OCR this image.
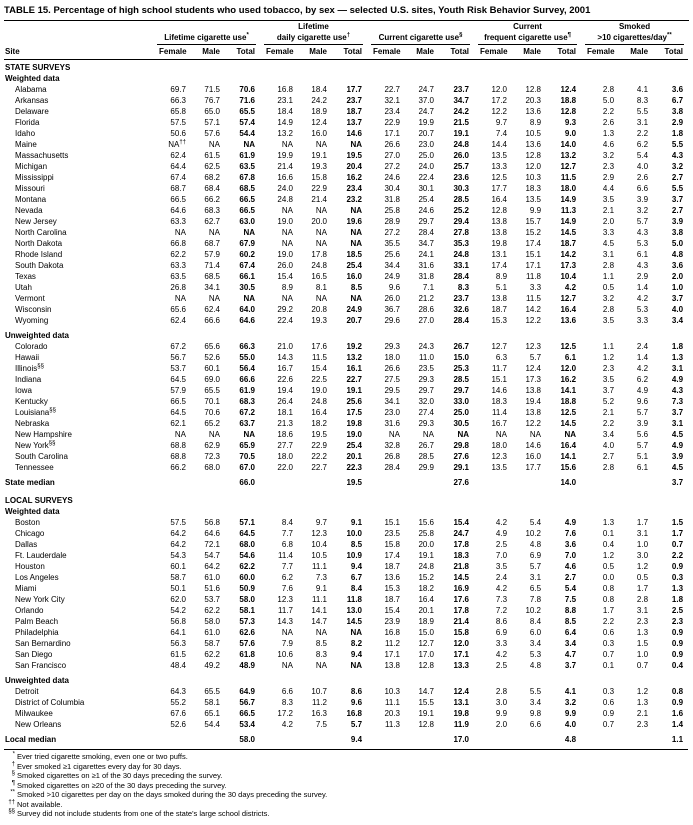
TABLE 15. Percentage of high school students who used tobacco, by sex — selected U.S. sites, Youth Risk Behavior Survey, 2001
				Lifetime						Current			Smoked		

	Lifetime cigarette use*			daily cigarette use†			Current cigarette use§			frequent cigarette use¶			>10 cigarettes/day**

Site	Female	Male	Total	Female	Male	Total	Female	Male	Total	Female	Male	Total	Female	Male	Total
STATE SURVEYS															
Weighted data															
Alabama	69.7	71.5	70.6	16.8	18.4	17.7	22.7	24.7	23.7	12.0	12.8	12.4	2.8	4.1	3.6
Arkansas	66.3	76.7	71.6	23.1	24.2	23.7	32.1	37.0	34.7	17.2	20.3	18.8	5.0	8.3	6.7
Delaware	65.8	65.0	65.5	18.4	18.9	18.7	23.4	24.7	24.2	12.2	13.6	12.8	2.2	5.5	3.8
Florida	57.5	57.1	57.4	14.9	12.4	13.7	22.9	19.9	21.5	9.7	8.9	9.3	2.6	3.1	2.9
Idaho	50.6	57.6	54.4	13.2	16.0	14.6	17.1	20.7	19.1	7.4	10.5	9.0	1.3	2.2	1.8
Maine	NA††	NA	NA	NA	NA	NA	26.6	23.0	24.8	14.4	13.6	14.0	4.6	6.2	5.5
Massachusetts	62.4	61.5	61.9	19.9	19.1	19.5	27.0	25.0	26.0	13.5	12.8	13.2	3.2	5.4	4.3
Michigan	64.4	62.5	63.5	21.4	19.3	20.4	27.2	24.0	25.7	13.3	12.0	12.7	2.3	4.0	3.2
Mississippi	67.4	68.2	67.8	16.6	15.8	16.2	24.6	22.4	23.6	12.5	10.3	11.5	2.9	2.6	2.7
Missouri	68.7	68.4	68.5	24.0	22.9	23.4	30.4	30.1	30.3	17.7	18.3	18.0	4.4	6.6	5.5
Montana	66.5	66.2	66.5	24.8	21.4	23.2	31.8	25.4	28.5	16.4	13.5	14.9	3.5	3.9	3.7
Nevada	64.6	68.3	66.5	NA	NA	NA	25.8	24.6	25.2	12.8	9.9	11.3	2.1	3.2	2.7
New Jersey	63.3	62.7	63.0	19.0	20.0	19.6	28.9	29.7	29.4	13.8	15.7	14.9	2.0	5.7	3.9
North Carolina	NA	NA	NA	NA	NA	NA	27.2	28.4	27.8	13.8	15.2	14.5	3.3	4.3	3.8
North Dakota	66.8	68.7	67.9	NA	NA	NA	35.5	34.7	35.3	19.8	17.4	18.7	4.5	5.3	5.0
Rhode Island	62.2	57.9	60.2	19.0	17.8	18.5	25.6	24.1	24.8	13.1	15.1	14.2	3.1	6.1	4.8
South Dakota	63.3	71.4	67.4	26.0	24.8	25.4	34.4	31.6	33.1	17.4	17.1	17.3	2.8	4.3	3.6
Texas	63.5	68.5	66.1	15.4	16.5	16.0	24.9	31.8	28.4	8.9	11.8	10.4	1.1	2.9	2.0
Utah	26.8	34.1	30.5	8.9	8.1	8.5	9.6	7.1	8.3	5.1	3.3	4.2	0.5	1.4	1.0
Vermont	NA	NA	NA	NA	NA	NA	26.0	21.2	23.7	13.8	11.5	12.7	3.2	4.2	3.7
Wisconsin	65.6	62.4	64.0	29.2	20.8	24.9	36.7	28.6	32.6	18.7	14.2	16.4	2.8	5.3	4.0
Wyoming	62.4	66.6	64.6	22.4	19.3	20.7	29.6	27.0	28.4	15.3	12.2	13.6	3.5	3.3	3.4
Unweighted data															
Colorado	67.2	65.6	66.3	21.0	17.6	19.2	29.3	24.3	26.7	12.7	12.3	12.5	1.1	2.4	1.8
Hawaii	56.7	52.6	55.0	14.3	11.5	13.2	18.0	11.0	15.0	6.3	5.7	6.1	1.2	1.4	1.3
Illinois§§	53.7	60.1	56.4	16.7	15.4	16.1	26.6	23.5	25.3	11.7	12.4	12.0	2.3	4.2	3.1
Indiana	64.5	69.0	66.6	22.6	22.5	22.7	27.5	29.3	28.5	15.1	17.3	16.2	3.5	6.2	4.9
Iowa	57.9	65.5	61.9	19.4	19.0	19.1	29.5	29.7	29.7	14.6	13.8	14.1	3.7	4.9	4.3
Kentucky	66.5	70.1	68.3	26.4	24.8	25.6	34.1	32.0	33.0	18.3	19.4	18.8	5.2	9.6	7.3
Louisiana§§	64.5	70.6	67.2	18.1	16.4	17.5	23.0	27.4	25.0	11.4	13.8	12.5	2.1	5.7	3.7
Nebraska	62.1	65.2	63.7	21.3	18.2	19.8	31.6	29.3	30.5	16.7	12.2	14.5	2.2	3.9	3.1
New Hampshire	NA	NA	NA	18.6	19.5	19.0	NA	NA	NA	NA	NA	NA	3.4	5.6	4.5
New York§§	68.8	62.9	65.9	27.7	22.9	25.4	32.8	26.7	29.8	18.0	14.6	16.4	4.0	5.7	4.9
South Carolina	68.8	72.3	70.5	18.0	22.2	20.1	26.8	28.5	27.6	12.3	16.0	14.1	2.7	5.1	3.9
Tennessee	66.2	68.0	67.0	22.0	22.7	22.3	28.4	29.9	29.1	13.5	17.7	15.6	2.8	6.1	4.5
State median			66.0			19.5			27.6			14.0			3.7
LOCAL SURVEYS															
Weighted data															
Boston	57.5	56.8	57.1	8.4	9.7	9.1	15.1	15.6	15.4	4.2	5.4	4.9	1.3	1.7	1.5
Chicago	64.2	64.6	64.5	7.7	12.3	10.0	23.5	25.8	24.7	4.9	10.2	7.6	0.1	3.1	1.7
Dallas	64.2	72.1	68.0	6.8	10.4	8.5	15.8	20.0	17.8	2.5	4.8	3.6	0.4	1.0	0.7
Ft. Lauderdale	54.3	54.7	54.6	11.4	10.5	10.9	17.4	19.1	18.3	7.0	6.9	7.0	1.2	3.0	2.2
Houston	60.1	64.2	62.2	7.7	11.1	9.4	18.7	24.8	21.8	3.5	5.7	4.6	0.5	1.2	0.9
Los Angeles	58.7	61.0	60.0	6.2	7.3	6.7	13.6	15.2	14.5	2.4	3.1	2.7	0.0	0.5	0.3
Miami	50.1	51.6	50.9	7.6	9.1	8.4	15.3	18.2	16.9	4.2	6.5	5.4	0.8	1.7	1.3
New York City	62.0	53.7	58.0	12.3	11.1	11.8	18.7	16.4	17.6	7.3	7.8	7.5	0.8	2.8	1.8
Orlando	54.2	62.2	58.1	11.7	14.1	13.0	15.4	20.1	17.8	7.2	10.2	8.8	1.7	3.1	2.5
Palm Beach	56.8	58.0	57.3	14.3	14.7	14.5	23.9	18.9	21.4	8.6	8.4	8.5	2.2	2.3	2.3
Philadelphia	64.1	61.0	62.6	NA	NA	NA	16.8	15.0	15.8	6.9	6.0	6.4	0.6	1.3	0.9
San Bernardino	56.3	58.7	57.6	7.9	8.5	8.2	11.2	12.7	12.0	3.3	3.4	3.4	0.3	1.5	0.9
San Diego	61.5	62.2	61.8	10.6	8.3	9.4	17.1	17.0	17.1	4.2	5.3	4.7	0.7	1.0	0.9
San Francisco	48.4	49.2	48.9	NA	NA	NA	13.8	12.8	13.3	2.5	4.8	3.7	0.1	0.7	0.4
Unweighted data															
Detroit	64.3	65.5	64.9	6.6	10.7	8.6	10.3	14.7	12.4	2.8	5.5	4.1	0.3	1.2	0.8
District of Columbia	55.2	58.1	56.7	8.3	11.2	9.6	11.1	15.5	13.1	3.0	3.4	3.2	0.6	1.3	0.9
Milwaukee	67.6	65.1	66.5	17.2	16.3	16.8	20.3	19.1	19.8	9.9	9.8	9.9	0.9	2.1	1.6
New Orleans	52.6	54.4	53.4	4.2	7.5	5.7	11.3	12.8	11.9	2.0	6.6	4.0	0.7	2.3	1.4
Local median			58.0			9.4			17.0			4.8			1.1
* Ever tried cigarette smoking, even one or two puffs.
† Ever smoked ≥1 cigarettes every day for 30 days.
§ Smoked cigarettes on ≥1 of the 30 days preceding the survey.
¶ Smoked cigarettes on ≥20 of the 30 days preceding the survey.
** Smoked >10 cigarettes per day on the days smoked during the 30 days preceding the survey.
†† Not available.
§§ Survey did not include students from one of the state's large school districts.
